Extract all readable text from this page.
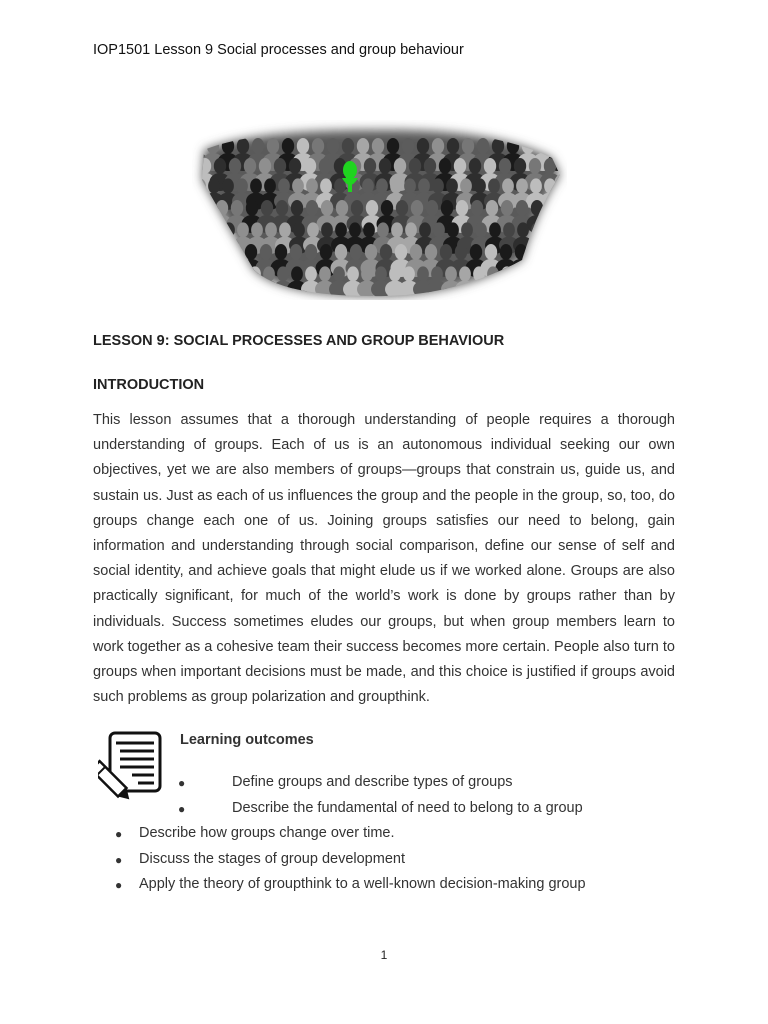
IOP1501 Lesson 9 Social processes and group behaviour
LESSON 9: SOCIAL PROCESSES AND GROUP BEHAVIOUR
INTRODUCTION
This lesson assumes that a thorough understanding of people requires a thorough understanding of groups. Each of us is an autonomous individual seeking our own objectives, yet we are also members of groups—groups that constrain us, guide us, and sustain us. Just as each of us influences the group and the people in the group, so, too, do groups change each one of us. Joining groups satisfies our need to belong, gain information and understanding through social comparison, define our sense of self and social identity, and achieve goals that might elude us if we worked alone. Groups are also practically significant, for much of the world’s work is done by groups rather than by individuals. Success sometimes eludes our groups, but when group members learn to work together as a cohesive team their success becomes more certain. People also turn to groups when important decisions must be made, and this choice is justified if groups avoid such problems as group polarization and groupthink.
Learning outcomes
●	Define groups and describe types of groups
●	Describe the fundamental of need to belong to a group
● Describe how groups change over time.
● Discuss the stages of group development
● Apply the theory of groupthink to a well-known decision-making group
1
